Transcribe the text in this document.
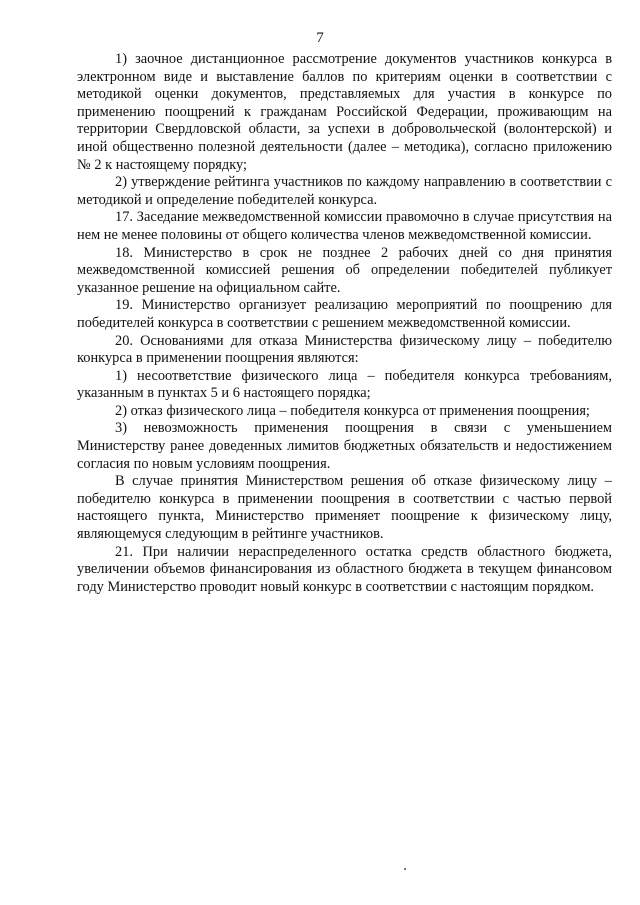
7

1) заочное дистанционное рассмотрение документов участников конкурса в электронном виде и выставление баллов по критериям оценки в соответствии с методикой оценки документов, представляемых для участия в конкурсе по применению поощрений к гражданам Российской Федерации, проживающим на территории Свердловской области, за успехи в добровольческой (волонтерской) и иной общественно полезной деятельности (далее – методика), согласно приложению № 2 к настоящему порядку;

2) утверждение рейтинга участников по каждому направлению в соответствии с методикой и определение победителей конкурса.

17. Заседание межведомственной комиссии правомочно в случае присутствия на нем не менее половины от общего количества членов межведомственной комиссии.

18. Министерство в срок не позднее 2 рабочих дней со дня принятия межведомственной комиссией решения об определении победителей публикует указанное решение на официальном сайте.

19. Министерство организует реализацию мероприятий по поощрению для победителей конкурса в соответствии с решением межведомственной комиссии.

20. Основаниями для отказа Министерства физическому лицу – победителю конкурса в применении поощрения являются:

1) несоответствие физического лица – победителя конкурса требованиям, указанным в пунктах 5 и 6 настоящего порядка;

2) отказ физического лица – победителя конкурса от применения поощрения;

3) невозможность применения поощрения в связи с уменьшением Министерству ранее доведенных лимитов бюджетных обязательств и недостижением согласия по новым условиям поощрения.

В случае принятия Министерством решения об отказе физическому лицу – победителю конкурса в применении поощрения в соответствии с частью первой настоящего пункта, Министерство применяет поощрение к физическому лицу, являющемуся следующим в рейтинге участников.

21. При наличии нераспределенного остатка средств областного бюджета, увеличении объемов финансирования из областного бюджета в текущем финансовом году Министерство проводит новый конкурс в соответствии с настоящим порядком.
